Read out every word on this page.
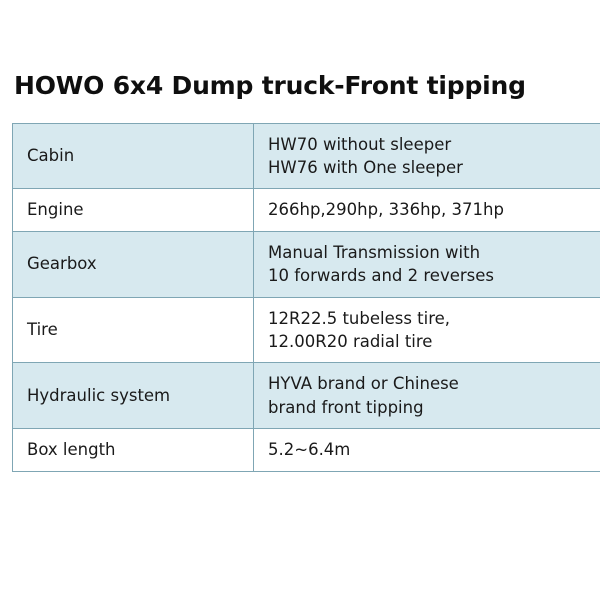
HOWO 6x4 Dump truck-Front tipping
Cabin	HW70 without sleeper
HW76 with One sleeper

Engine	266hp,290hp, 336hp, 371hp

Gearbox	Manual Transmission with
10 forwards and 2 reverses

Tire	12R22.5 tubeless tire,
12.00R20 radial tire

Hydraulic system	HYVA brand or Chinese
brand front tipping

Box length	5.2~6.4m
